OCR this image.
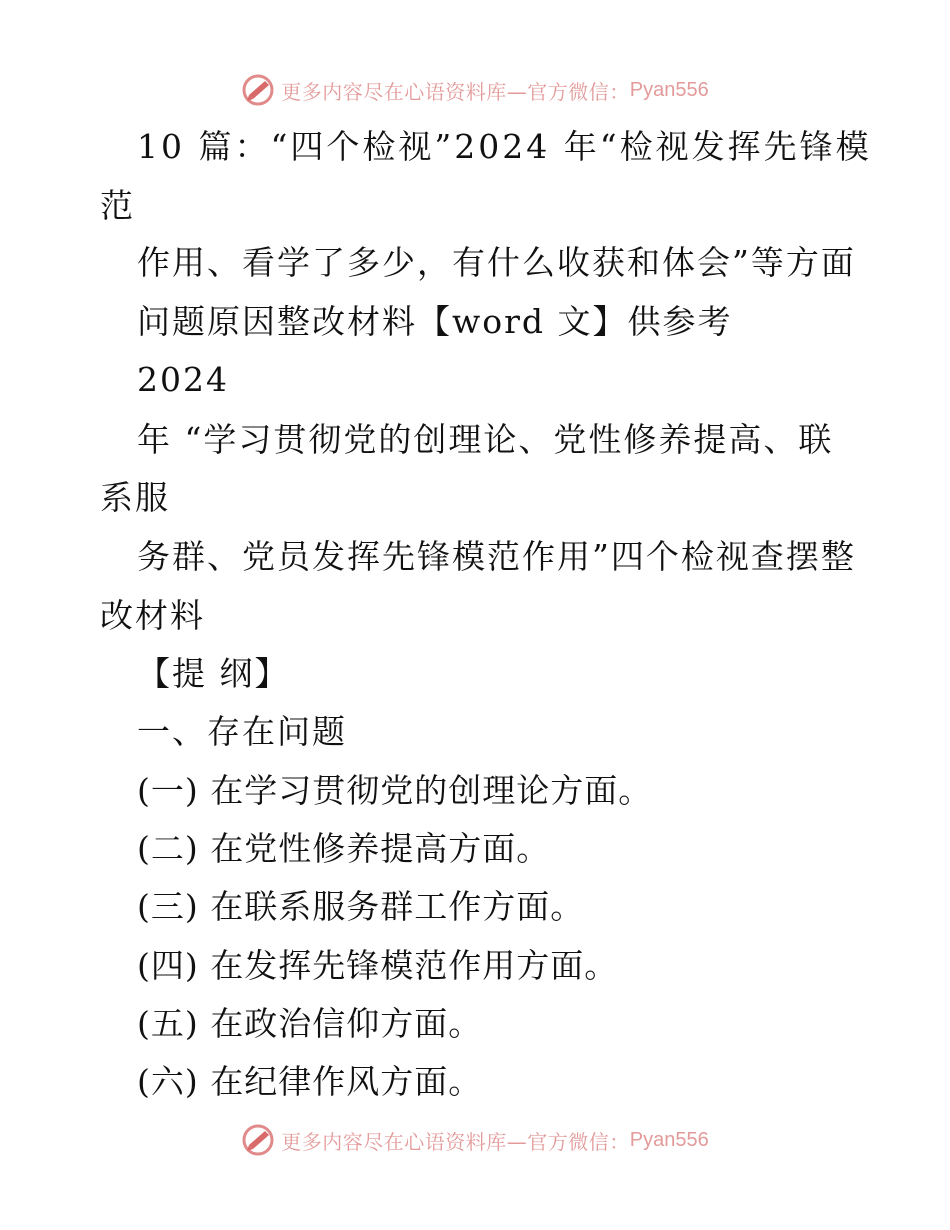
更多内容尽在心语资料库—官方微信： Pyan556
10 篇：“四个检视”2024 年“检视发挥先锋模
范
作用、看学了多少，有什么收获和体会”等方面
问题原因整改材料【word 文】供参考
2024
年 “学习贯彻党的创理论、党性修养提高、联
系服
务群、党员发挥先锋模范作用”四个检视查摆整
改材料
【提 纲】
一、存在问题
(一) 在学习贯彻党的创理论方面。
(二) 在党性修养提高方面。
(三) 在联系服务群工作方面。
(四) 在发挥先锋模范作用方面。
(五) 在政治信仰方面。
(六) 在纪律作风方面。
更多内容尽在心语资料库—官方微信： Pyan556
